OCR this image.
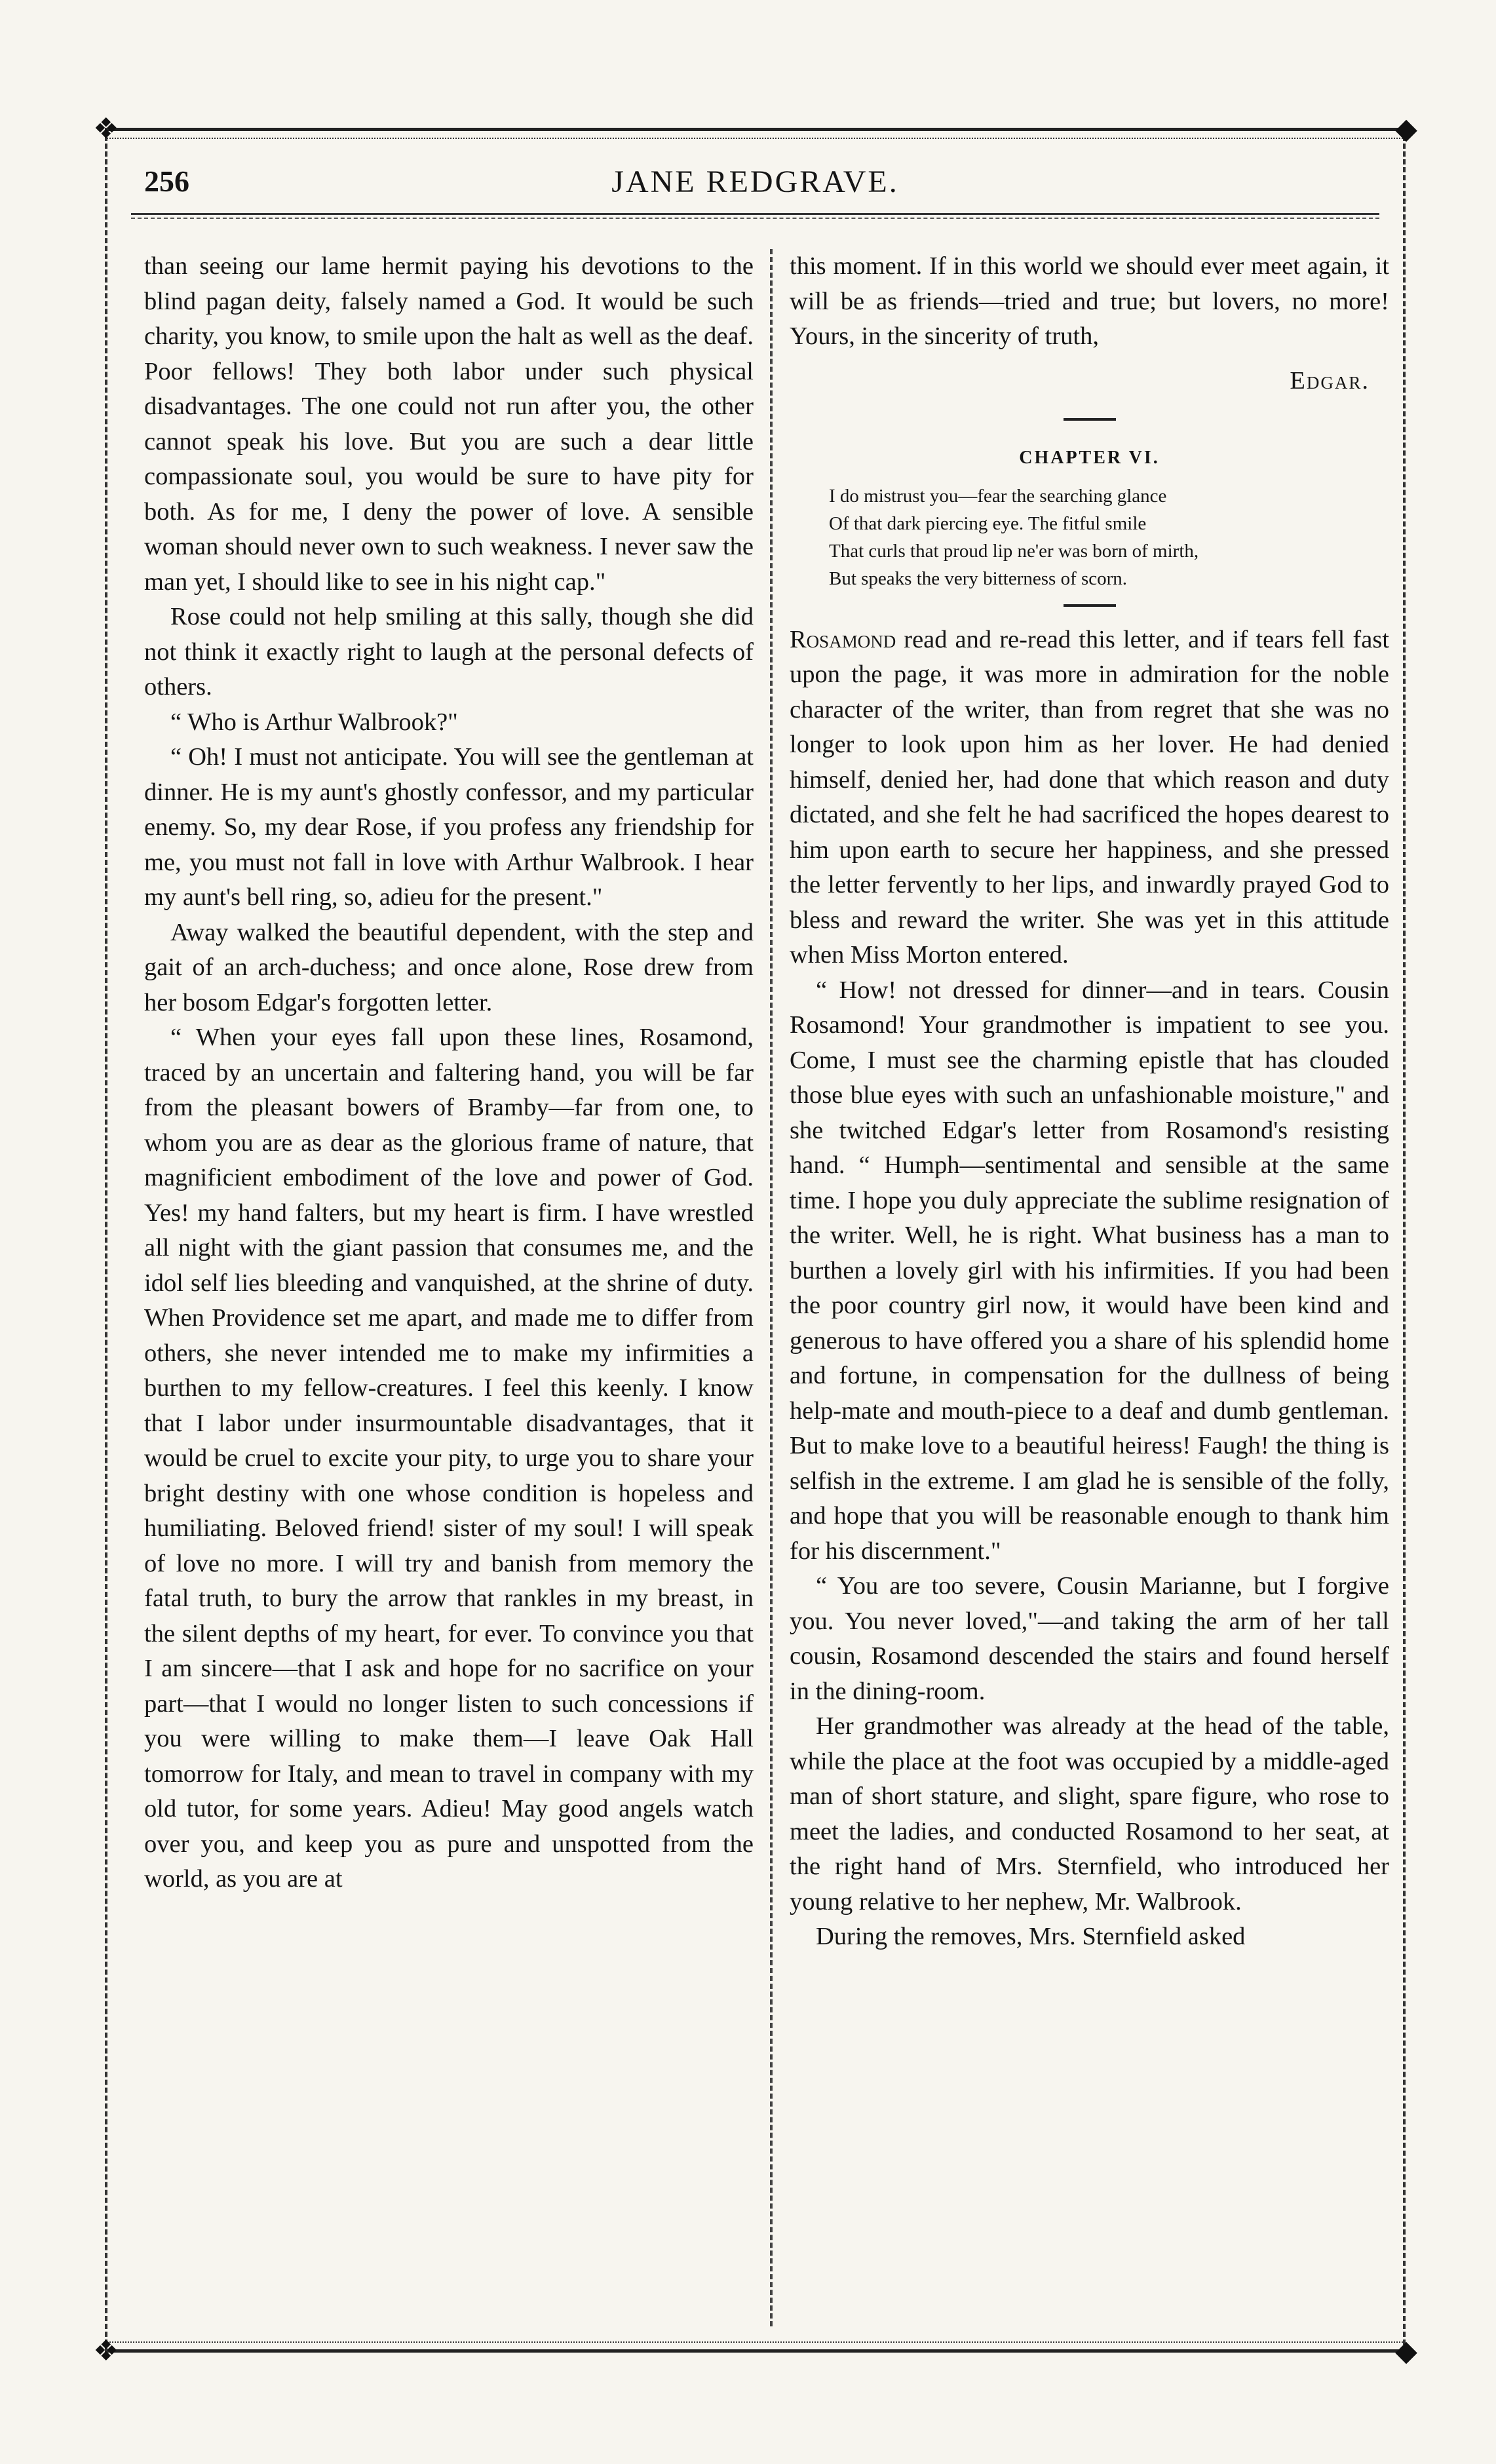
❖	◆
❖	◆
256	JANE REDGRAVE.

than seeing our lame hermit paying his devotions to the blind pagan deity, falsely named a God. It would be such charity, you know, to smile upon the halt as well as the deaf. Poor fellows! They both labor under such physical disadvantages. The one could not run after you, the other cannot speak his love. But you are such a dear little compassionate soul, you would be sure to have pity for both. As for me, I deny the power of love. A sensible woman should never own to such weakness. I never saw the man yet, I should like to see in his night cap."

Rose could not help smiling at this sally, though she did not think it exactly right to laugh at the personal defects of others.

“ Who is Arthur Walbrook?"

“ Oh! I must not anticipate. You will see the gentleman at dinner. He is my aunt's ghostly confessor, and my particular enemy. So, my dear Rose, if you profess any friendship for me, you must not fall in love with Arthur Walbrook. I hear my aunt's bell ring, so, adieu for the present."

Away walked the beautiful dependent, with the step and gait of an arch-duchess; and once alone, Rose drew from her bosom Edgar's forgotten letter.

“ When your eyes fall upon these lines, Rosamond, traced by an uncertain and faltering hand, you will be far from the pleasant bowers of Bramby—far from one, to whom you are as dear as the glorious frame of nature, that magnificient embodiment of the love and power of God. Yes! my hand falters, but my heart is firm. I have wrestled all night with the giant passion that consumes me, and the idol self lies bleeding and vanquished, at the shrine of duty. When Providence set me apart, and made me to differ from others, she never intended me to make my infirmities a burthen to my fellow-creatures. I feel this keenly. I know that I labor under insurmountable disadvantages, that it would be cruel to excite your pity, to urge you to share your bright destiny with one whose condition is hopeless and humiliating. Beloved friend! sister of my soul! I will speak of love no more. I will try and banish from memory the fatal truth, to bury the arrow that rankles in my breast, in the silent depths of my heart, for ever. To convince you that I am sincere—that I ask and hope for no sacrifice on your part—that I would no longer listen to such concessions if you were willing to make them—I leave Oak Hall tomorrow for Italy, and mean to travel in company with my old tutor, for some years. Adieu! May good angels watch over you, and keep you as pure and unspotted from the world, as you are at

this moment. If in this world we should ever meet again, it will be as friends—tried and true; but lovers, no more! Yours, in the sincerity of truth,

Edgar.
CHAPTER VI.
I do mistrust you—fear the searching glance
Of that dark piercing eye. The fitful smile
That curls that proud lip ne'er was born of mirth,
But speaks the very bitterness of scorn.

Rosamond read and re-read this letter, and if tears fell fast upon the page, it was more in admiration for the noble character of the writer, than from regret that she was no longer to look upon him as her lover. He had denied himself, denied her, had done that which reason and duty dictated, and she felt he had sacrificed the hopes dearest to him upon earth to secure her happiness, and she pressed the letter fervently to her lips, and inwardly prayed God to bless and reward the writer. She was yet in this attitude when Miss Morton entered.

“ How! not dressed for dinner—and in tears. Cousin Rosamond! Your grandmother is impatient to see you. Come, I must see the charming epistle that has clouded those blue eyes with such an unfashionable moisture," and she twitched Edgar's letter from Rosamond's resisting hand. “ Humph—sentimental and sensible at the same time. I hope you duly appreciate the sublime resignation of the writer. Well, he is right. What business has a man to burthen a lovely girl with his infirmities. If you had been the poor country girl now, it would have been kind and generous to have offered you a share of his splendid home and fortune, in compensation for the dullness of being help-mate and mouth-piece to a deaf and dumb gentleman. But to make love to a beautiful heiress! Faugh! the thing is selfish in the extreme. I am glad he is sensible of the folly, and hope that you will be reasonable enough to thank him for his discernment."

“ You are too severe, Cousin Marianne, but I forgive you. You never loved,"—and taking the arm of her tall cousin, Rosamond descended the stairs and found herself in the dining-room.

Her grandmother was already at the head of the table, while the place at the foot was occupied by a middle-aged man of short stature, and slight, spare figure, who rose to meet the ladies, and conducted Rosamond to her seat, at the right hand of Mrs. Sternfield, who introduced her young relative to her nephew, Mr. Walbrook.

During the removes, Mrs. Sternfield asked
